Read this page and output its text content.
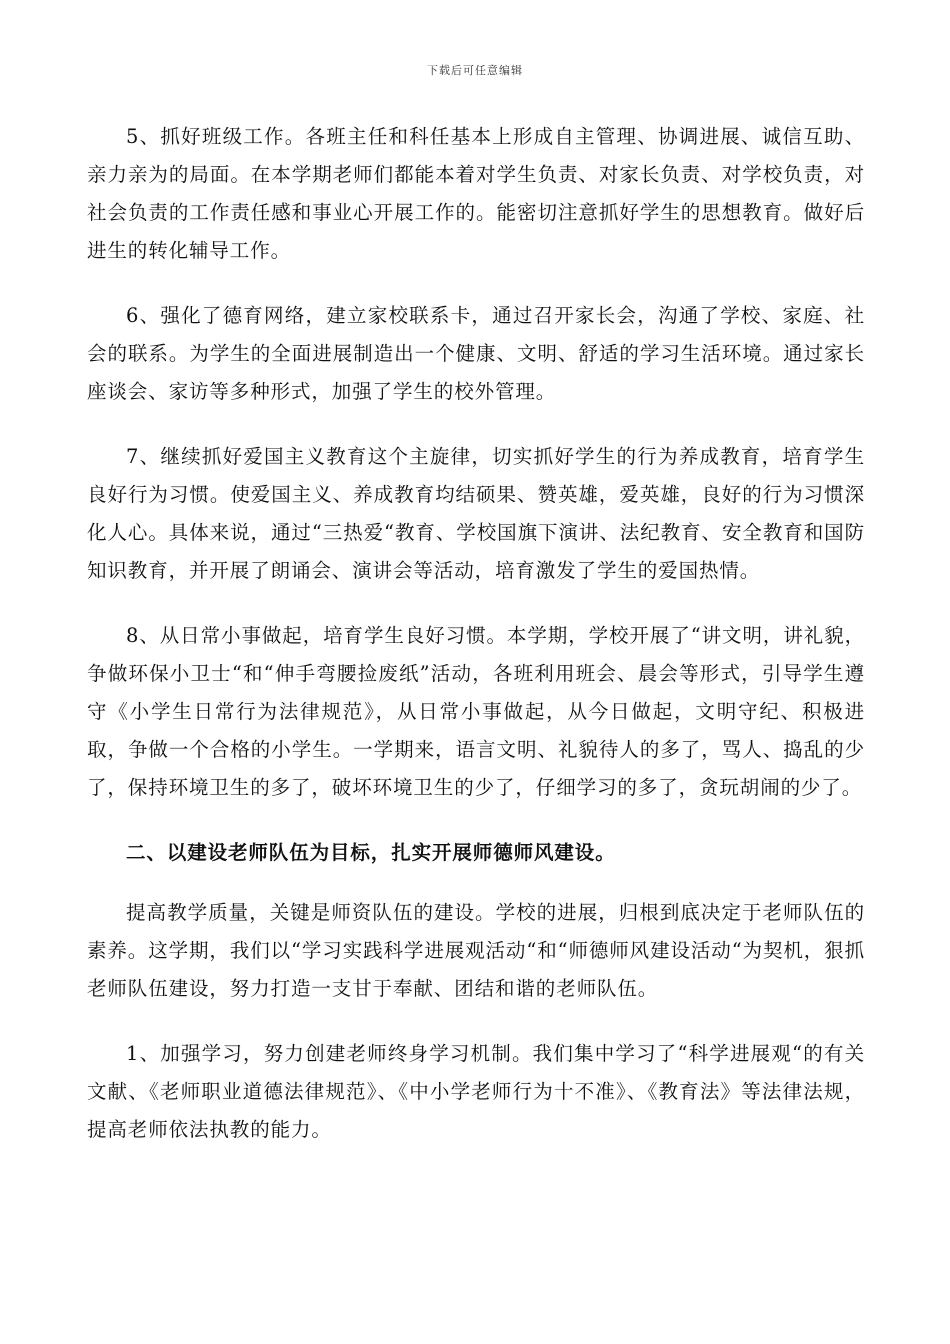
下载后可任意编辑

5、抓好班级工作。各班主任和科任基本上形成自主管理、协调进展、诚信互助、亲力亲为的局面。在本学期老师们都能本着对学生负责、对家长负责、对学校负责，对社会负责的工作责任感和事业心开展工作的。能密切注意抓好学生的思想教育。做好后进生的转化辅导工作。

6、强化了德育网络，建立家校联系卡，通过召开家长会，沟通了学校、家庭、社会的联系。为学生的全面进展制造出一个健康、文明、舒适的学习生活环境。通过家长座谈会、家访等多种形式，加强了学生的校外管理。

7、继续抓好爱国主义教育这个主旋律，切实抓好学生的行为养成教育，培育学生良好行为习惯。使爱国主义、养成教育均结硕果、赞英雄，爱英雄，良好的行为习惯深化人心。具体来说，通过“三热爱“教育、学校国旗下演讲、法纪教育、安全教育和国防知识教育，并开展了朗诵会、演讲会等活动，培育激发了学生的爱国热情。

8、从日常小事做起，培育学生良好习惯。本学期，学校开展了“讲文明，讲礼貌，争做环保小卫士“和“伸手弯腰捡废纸”活动，各班利用班会、晨会等形式，引导学生遵守《小学生日常行为法律规范》，从日常小事做起，从今日做起，文明守纪、积极进取，争做一个合格的小学生。一学期来，语言文明、礼貌待人的多了，骂人、捣乱的少了，保持环境卫生的多了，破坏环境卫生的少了，仔细学习的多了，贪玩胡闹的少了。

二、以建设老师队伍为目标，扎实开展师德师风建设。

提高教学质量，关键是师资队伍的建设。学校的进展，归根到底决定于老师队伍的素养。这学期，我们以“学习实践科学进展观活动“和“师德师风建设活动“为契机，狠抓老师队伍建设，努力打造一支甘于奉献、团结和谐的老师队伍。

1、加强学习，努力创建老师终身学习机制。我们集中学习了“科学进展观“的有关文献、《老师职业道德法律规范》、《中小学老师行为十不准》、《教育法》等法律法规，提高老师依法执教的能力。
